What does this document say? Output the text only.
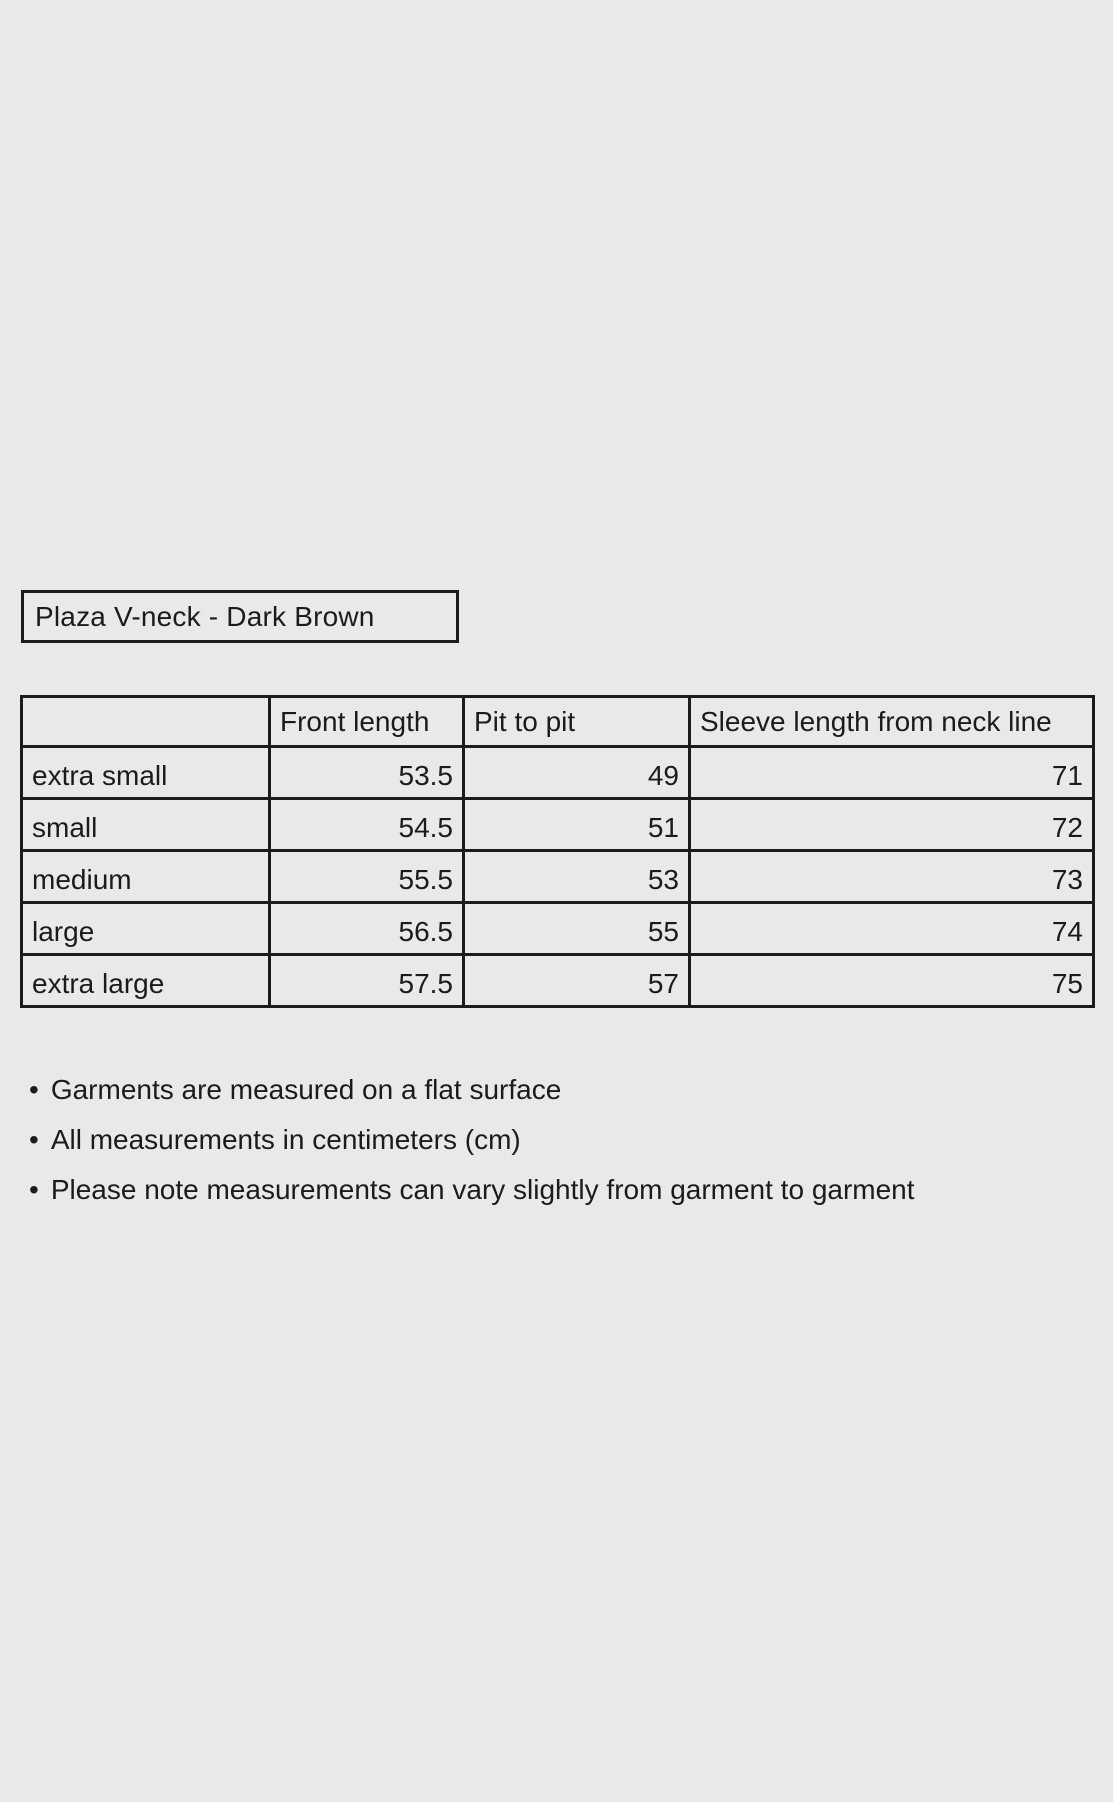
Plaza V-neck - Dark Brown
	Front length	Pit to pit	Sleeve length from neck line
extra small	53.5	49	71
small	54.5	51	72
medium	55.5	53	73
large	56.5	55	74
extra large	57.5	57	75
• Garments are measured on a flat surface
• All measurements in centimeters (cm)
• Please note measurements can vary slightly from garment to garment
